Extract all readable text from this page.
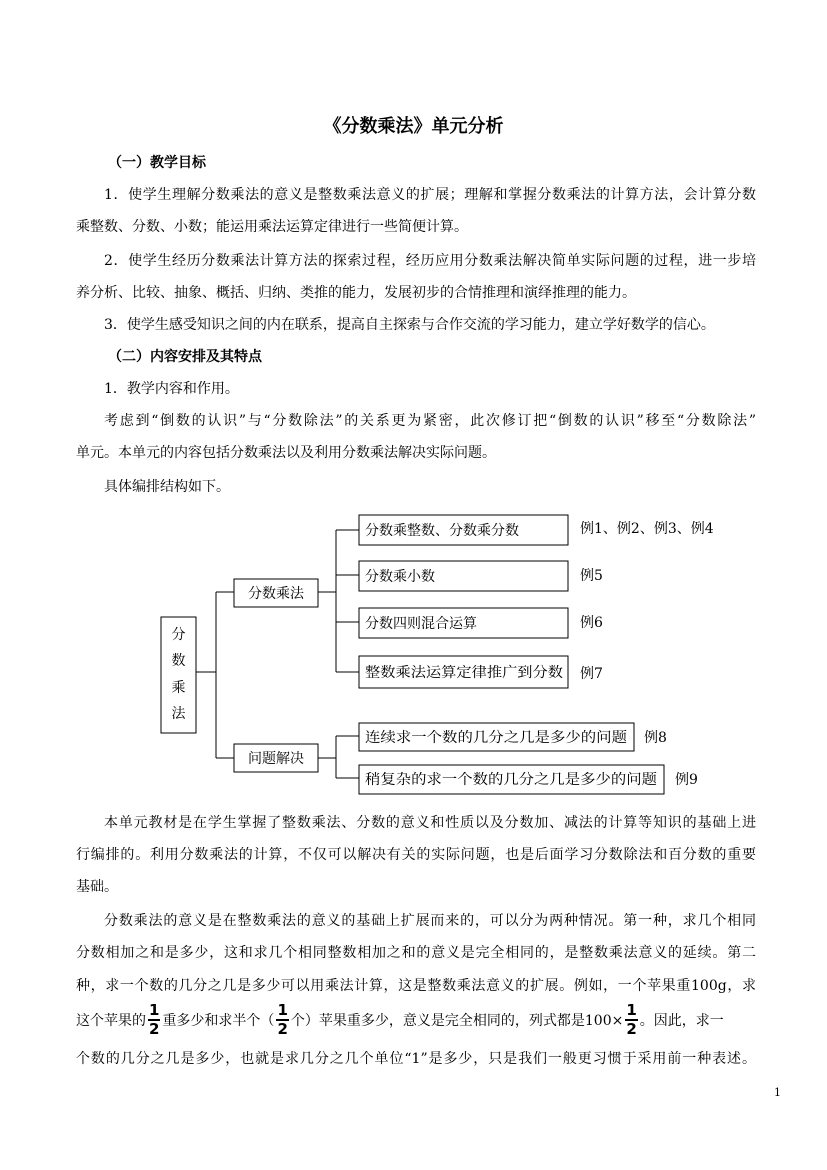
《分数乘法》单元分析
（一）教学目标
1．使学生理解分数乘法的意义是整数乘法意义的扩展；理解和掌握分数乘法的计算方法，会计算分数
乘整数、分数、小数；能运用乘法运算定律进行一些简便计算。
2．使学生经历分数乘法计算方法的探索过程，经历应用分数乘法解决简单实际问题的过程，进一步培
养分析、比较、抽象、概括、归纳、类推的能力，发展初步的合情推理和演绎推理的能力。
3．使学生感受知识之间的内在联系，提高自主探索与合作交流的学习能力，建立学好数学的信心。
（二）内容安排及其特点
1．教学内容和作用。
考虑到“倒数的认识”与“分数除法”的关系更为紧密，此次修订把“倒数的认识”移至“分数除法”
单元。本单元的内容包括分数乘法以及利用分数乘法解决实际问题。
具体编排结构如下。
分
数
乘
法
分数乘法
问题解决
分数乘整数、分数乘分数
分数乘小数
分数四则混合运算
整数乘法运算定律推广到分数
连续求一个数的几分之几是多少的问题
稍复杂的求一个数的几分之几是多少的问题
例1、例2、例3、例4
例5
例6
例7
例8
例9
本单元教材是在学生掌握了整数乘法、分数的意义和性质以及分数加、减法的计算等知识的基础上进
行编排的。利用分数乘法的计算，不仅可以解决有关的实际问题，也是后面学习分数除法和百分数的重要
基础。
分数乘法的意义是在整数乘法的意义的基础上扩展而来的，可以分为两种情况。第一种，求几个相同
分数相加之和是多少，这和求几个相同整数相加之和的意义是完全相同的，是整数乘法意义的延续。第二
种，求一个数的几分之几是多少可以用乘法计算，这是整数乘法意义的扩展。例如，一个苹果重100g，求
这个苹果的 $\frac{1}{2}$ 重多少和求半个（ $\frac{1}{2}$ 个）苹果重多少，意义是完全相同的，列式都是$100\times \frac{1}{2}$ 。因此，求一
个数的几分之几是多少，也就是求几分之几个单位“1”是多少，只是我们一般更习惯于采用前一种表述。
1
